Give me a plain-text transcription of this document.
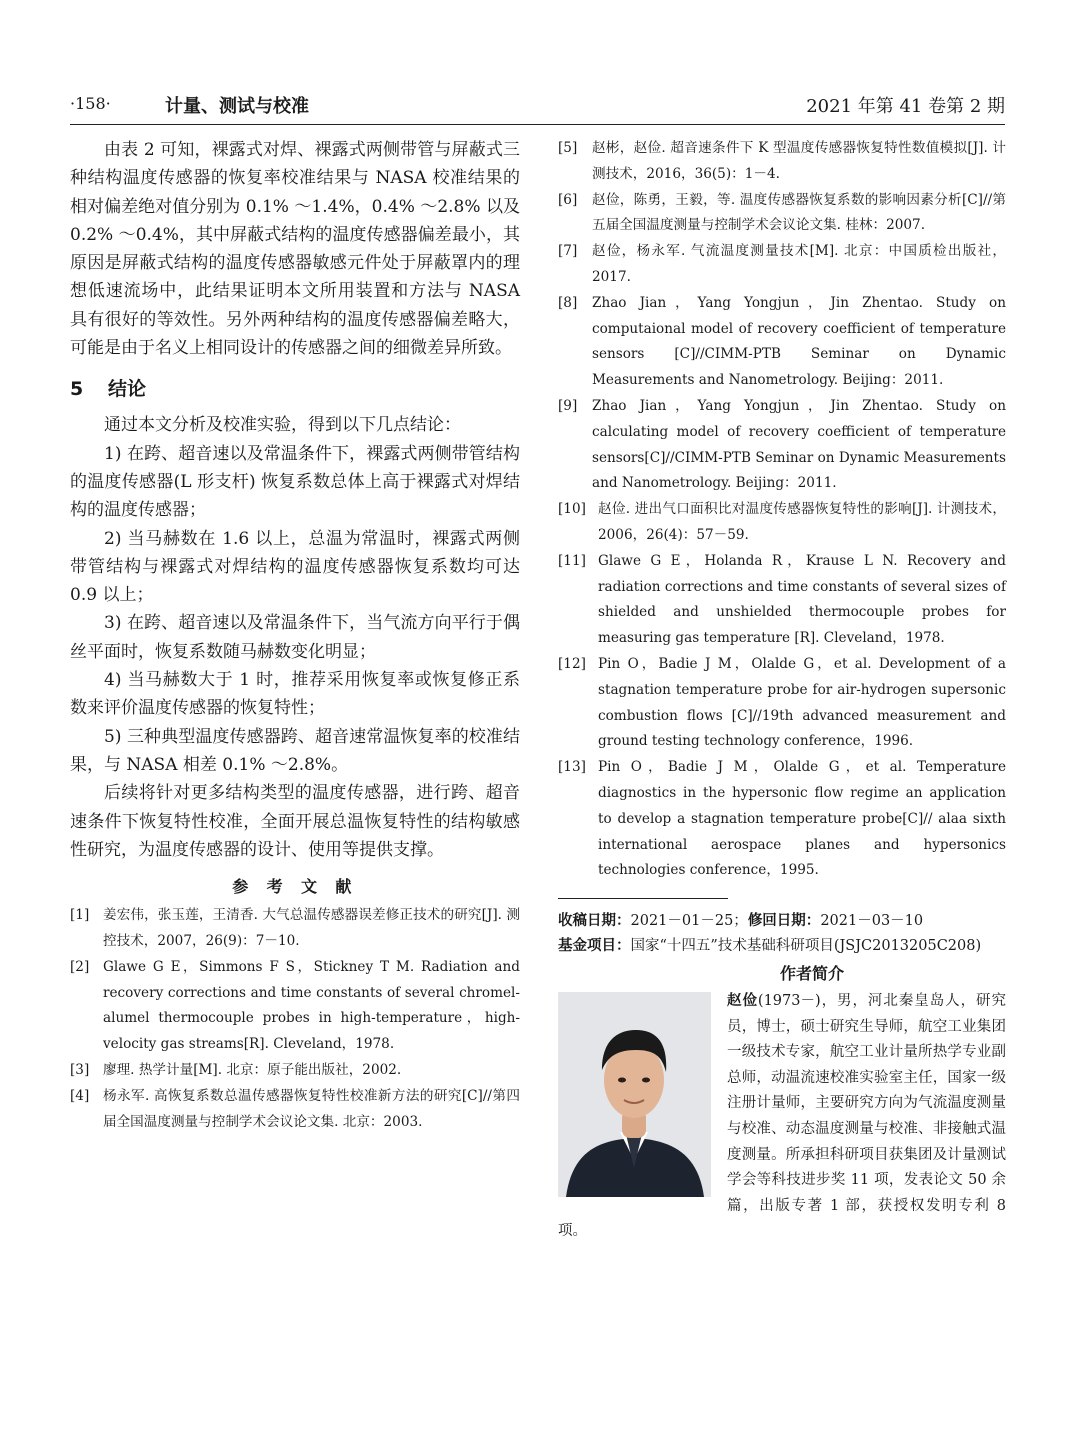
·158·	计量、测试与校准	2021 年第 41 卷第 2 期

由表 2 可知，裸露式对焊、裸露式两侧带管与屏蔽式三种结构温度传感器的恢复率校准结果与 NASA 校准结果的相对偏差绝对值分别为 0.1% ～1.4%，0.4% ～2.8% 以及 0.2% ～0.4%，其中屏蔽式结构的温度传感器偏差最小，其原因是屏蔽式结构的温度传感器敏感元件处于屏蔽罩内的理想低速流场中，此结果证明本文所用装置和方法与 NASA 具有很好的等效性。另外两种结构的温度传感器偏差略大，可能是由于名义上相同设计的传感器之间的细微差异所致。

5 结论

通过本文分析及校准实验，得到以下几点结论：

1) 在跨、超音速以及常温条件下，裸露式两侧带管结构的温度传感器(L 形支杆) 恢复系数总体上高于裸露式对焊结构的温度传感器；

2) 当马赫数在 1.6 以上，总温为常温时，裸露式两侧带管结构与裸露式对焊结构的温度传感器恢复系数均可达 0.9 以上；

3) 在跨、超音速以及常温条件下，当气流方向平行于偶丝平面时，恢复系数随马赫数变化明显；

4) 当马赫数大于 1 时，推荐采用恢复率或恢复修正系数来评价温度传感器的恢复特性；

5) 三种典型温度传感器跨、超音速常温恢复率的校准结果，与 NASA 相差 0.1% ～2.8%。

后续将针对更多结构类型的温度传感器，进行跨、超音速条件下恢复特性校准，全面开展总温恢复特性的结构敏感性研究，为温度传感器的设计、使用等提供支撑。

参 考 文 献
[1]	姜宏伟，张玉莲，王清香. 大气总温传感器误差修正技术的研究[J]. 测控技术，2007，26(9)：7－10.
[2]	Glawe G E，Simmons F S，Stickney T M. Radiation and recovery corrections and time constants of several chromel-alumel thermocouple probes in high-temperature，high-velocity gas streams[R]. Cleveland，1978.
[3]	廖理. 热学计量[M]. 北京：原子能出版社，2002.
[4]	杨永军. 高恢复系数总温传感器恢复特性校准新方法的研究[C]//第四届全国温度测量与控制学术会议论文集. 北京：2003.
[5]	赵彬，赵俭. 超音速条件下 K 型温度传感器恢复特性数值模拟[J]. 计测技术，2016，36(5)：1－4.
[6]	赵俭，陈勇，王毅，等. 温度传感器恢复系数的影响因素分析[C]//第五届全国温度测量与控制学术会议论文集. 桂林：2007.
[7]	赵俭，杨永军. 气流温度测量技术[M]. 北京：中国质检出版社，2017.
[8]	Zhao Jian，Yang Yongjun，Jin Zhentao. Study on computaional model of recovery coefficient of temperature sensors [C]//CIMM-PTB Seminar on Dynamic Measurements and Nanometrology. Beijing：2011.
[9]	Zhao Jian，Yang Yongjun，Jin Zhentao. Study on calculating model of recovery coefficient of temperature sensors[C]//CIMM-PTB Seminar on Dynamic Measurements and Nanometrology. Beijing：2011.
[10] 赵俭. 进出气口面积比对温度传感器恢复特性的影响[J]. 计测技术，2006，26(4)：57－59.
[11] Glawe G E，Holanda R，Krause L N. Recovery and radiation corrections and time constants of several sizes of shielded and unshielded thermocouple probes for measuring gas temperature [R]. Cleveland，1978.
[12] Pin O，Badie J M，Olalde G，et al. Development of a stagnation temperature probe for air-hydrogen supersonic combustion flows [C]//19th advanced measurement and ground testing technology conference，1996.
[13] Pin O，Badie J M，Olalde G，et al. Temperature diagnostics in the hypersonic flow regime an application to develop a stagnation temperature probe[C]// alaa sixth international aerospace planes and hypersonics technologies conference，1995.
收稿日期：2021－01－25；修回日期：2021－03－10
基金项目：国家“十四五”技术基础科研项目(JSJC2013205C208)
作者简介

赵俭(1973－)，男，河北秦皇岛人，研究员，博士，硕士研究生导师，航空工业集团一级技术专家，航空工业计量所热学专业副总师，动温流速校准实验室主任，国家一级注册计量师，主要研究方向为气流温度测量与校准、动态温度测量与校准、非接触式温度测量。所承担科研项目获集团及计量测试学会等科技进步奖 11 项，发表论文 50 余篇，出版专著 1 部，获授权发明专利 8 项。
